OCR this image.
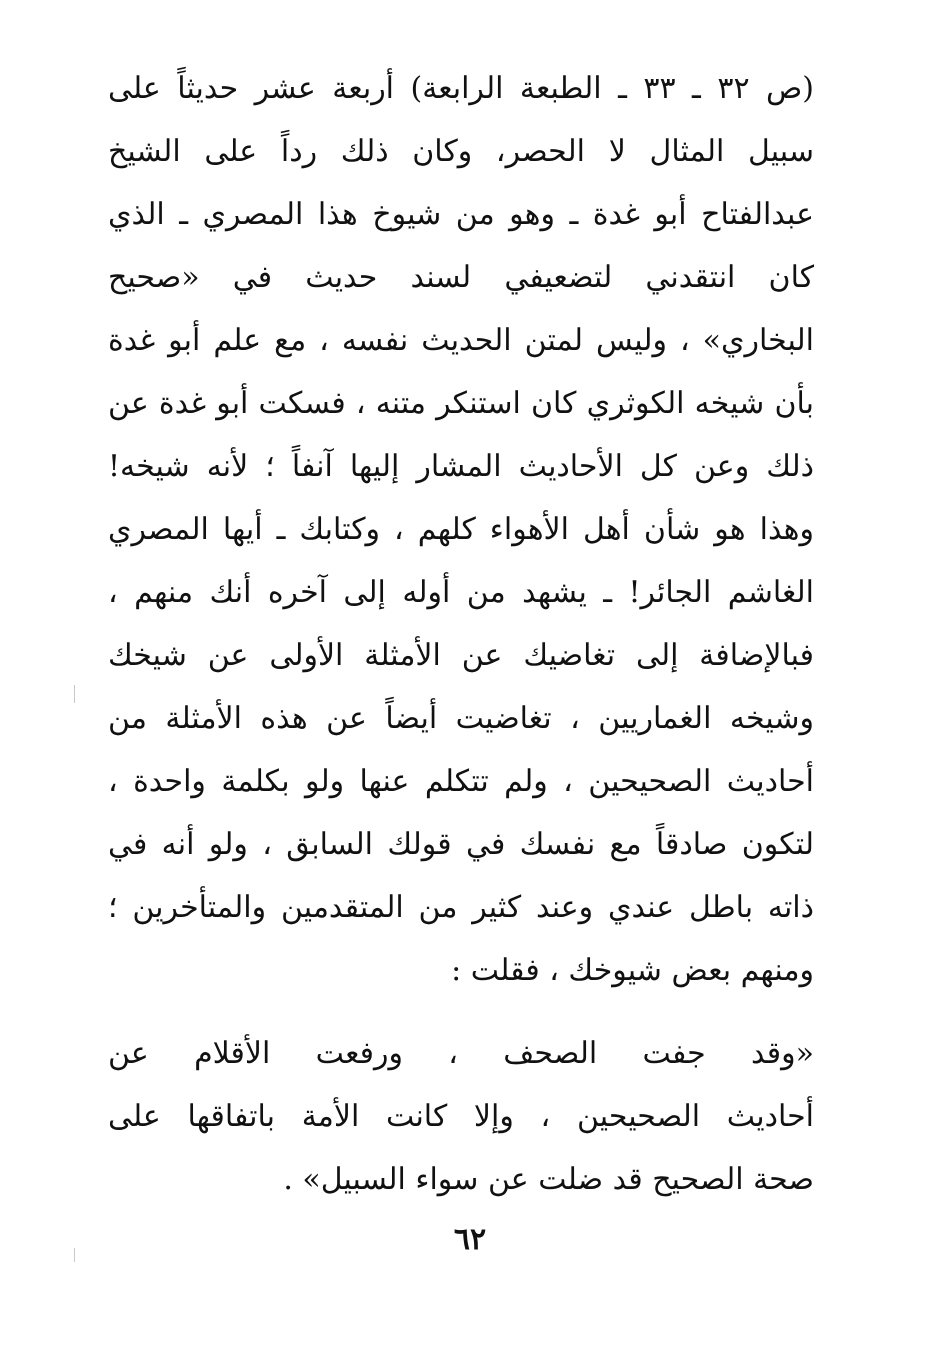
(ص ٣٢ ـ ٣٣ ـ الطبعة الرابعة) أربعة عشر حديثاً على
سبيل المثال لا الحصر، وكان ذلك رداً على الشيخ
عبدالفتاح أبو غدة ـ وهو من شيوخ هذا المصري ـ الذي
كان انتقدني لتضعيفي لسند حديث في «صحيح
البخاري» ، وليس لمتن الحديث نفسه ، مع علم أبو غدة
بأن شيخه الكوثري كان استنكر متنه ، فسكت أبو غدة عن
ذلك وعن كل الأحاديث المشار إليها آنفاً ؛ لأنه شيخه!
وهذا هو شأن أهل الأهواء كلهم ، وكتابك ـ أيها المصري
الغاشم الجائر! ـ يشهد من أوله إلى آخره أنك منهم ،
فبالإضافة إلى تغاضيك عن الأمثلة الأولى عن شيخك
وشيخه الغماريين ، تغاضيت أيضاً عن هذه الأمثلة من
أحاديث الصحيحين ، ولم تتكلم عنها ولو بكلمة واحدة ،
لتكون صادقاً مع نفسك في قولك السابق ، ولو أنه في
ذاته باطل عندي وعند كثير من المتقدمين والمتأخرين ؛
ومنهم بعض شيوخك ، فقلت :
«وقد جفت الصحف ، ورفعت الأقلام عن
أحاديث الصحيحين ، وإلا كانت الأمة باتفاقها على
صحة الصحيح قد ضلت عن سواء السبيل» .
٦٢
